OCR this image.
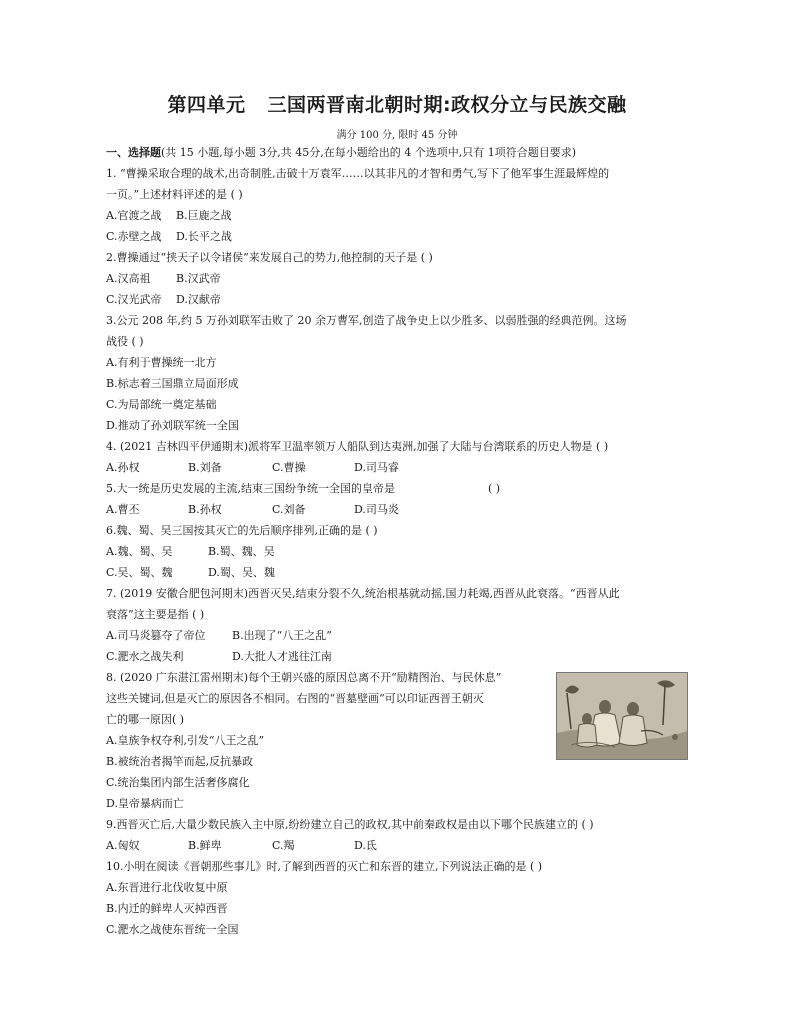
第四单元 三国两晋南北朝时期:政权分立与民族交融
满分 100 分, 限时 45 分钟
一、选择题(共 15 小题,每小题 3分,共 45分,在每小题给出的 4 个选项中,只有 1项符合题目要求)
1. “曹操采取合理的战术,出奇制胜,击破十万袁军……以其非凡的才智和勇气,写下了他军事生涯最辉煌的
一页。”上述材料评述的是 ( )
A.官渡之战 B.巨鹿之战
C.赤壁之战 D.长平之战
2.曹操通过“挟天子以令诸侯”来发展自己的势力,他控制的天子是 ( )
A.汉高祖 B.汉武帝
C.汉光武帝 D.汉献帝
3.公元 208 年,约 5 万孙刘联军击败了 20 余万曹军,创造了战争史上以少胜多、以弱胜强的经典范例。这场
战役 ( )
A.有利于曹操统一北方
B.标志着三国鼎立局面形成
C.为局部统一奠定基础
D.推动了孙刘联军统一全国
4. (2021 吉林四平伊通期末)派将军卫温率领万人船队到达夷洲,加强了大陆与台湾联系的历史人物是 ( )
A.孙权	B.刘备	C.曹操	D.司马睿
5.大一统是历史发展的主流,结束三国纷争统一全国的皇帝是	( )
A.曹丕	B.孙权	C.刘备	D.司马炎
6.魏、蜀、吴三国按其灭亡的先后顺序排列,正确的是 ( )
A.魏、蜀、吴	B.蜀、魏、吴
C.吴、蜀、魏	D.蜀、吴、魏
7. (2019 安徽合肥包河期末)西晋灭吴,结束分裂不久,统治根基就动摇,国力耗竭,西晋从此衰落。“西晋从此
衰落”这主要是指 ( )
A.司马炎篡夺了帝位 B.出现了“八王之乱”
C.淝水之战失利	D.大批人才逃往江南
8. (2020 广东湛江雷州期末)每个王朝兴盛的原因总离不开“励精图治、与民休息”
这些关键词,但是灭亡的原因各不相同。右图的“晋墓壁画”可以印证西晋王朝灭
亡的哪一原因( )
A.皇族争权夺利,引发“八王之乱”
B.被统治者揭竿而起,反抗暴政
C.统治集团内部生活奢侈腐化
D.皇帝暴病而亡
9.西晋灭亡后,大量少数民族入主中原,纷纷建立自己的政权,其中前秦政权是由以下哪个民族建立的 ( )
A.匈奴	B.鲜卑	C.羯	D.氐
10.小明在阅读《晋朝那些事儿》时,了解到西晋的灭亡和东晋的建立,下列说法正确的是 ( )
A.东晋进行北伐收复中原
B.内迁的鲜卑人灭掉西晋
C.淝水之战使东晋统一全国
